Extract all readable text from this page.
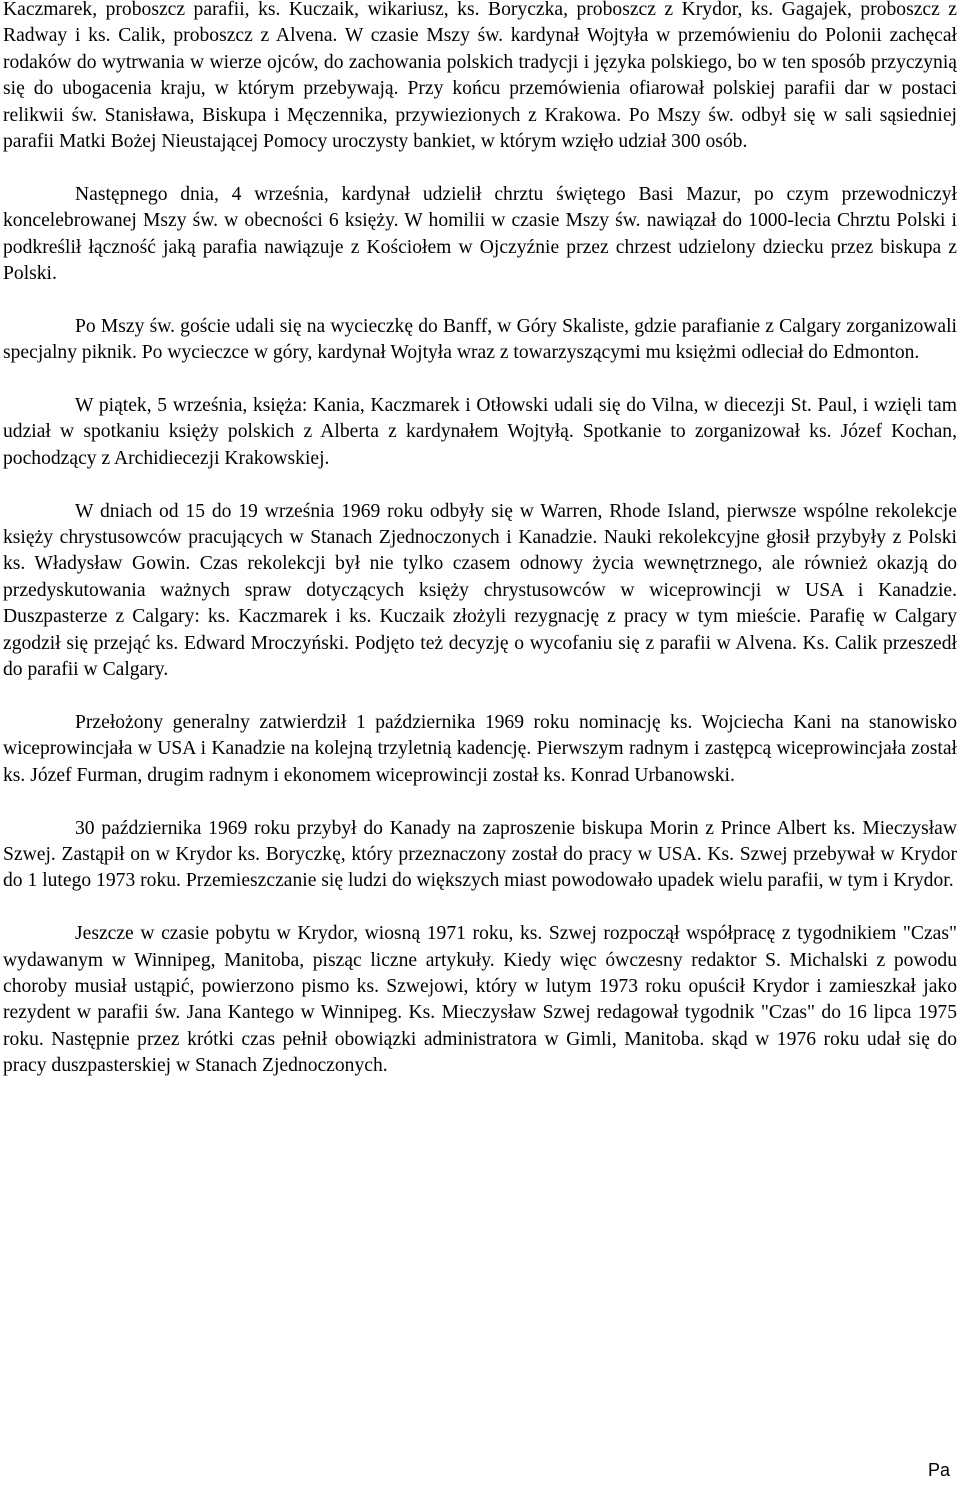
Kaczmarek, proboszcz parafii, ks. Kuczaik, wikariusz, ks. Boryczka, proboszcz z Krydor, ks. Gagajek, proboszcz z Radway i ks. Calik, proboszcz z Alvena. W czasie Mszy św. kardynał Wojtyła w przemówieniu do Polonii zachęcał rodaków do wytrwania w wierze ojców, do zachowania polskich tradycji i języka polskiego, bo w ten sposób przyczynią się do ubogacenia kraju, w którym przebywają. Przy końcu przemówienia ofiarował polskiej parafii dar w postaci relikwii św. Stanisława, Biskupa i Męczennika, przywiezionych z Krakowa. Po Mszy św. odbył się w sali sąsiedniej parafii Matki Bożej Nieustającej Pomocy uroczysty bankiet, w którym wzięło udział 300 osób.

Następnego dnia, 4 września, kardynał udzielił chrztu świętego Basi Mazur, po czym przewodniczył koncelebrowanej Mszy św. w obecności 6 księży. W homilii w czasie Mszy św. nawiązał do 1000-lecia Chrztu Polski i podkreślił łączność jaką parafia nawiązuje z Kościołem w Ojczyźnie przez chrzest udzielony dziecku przez biskupa z Polski.

Po Mszy św. goście udali się na wycieczkę do Banff, w Góry Skaliste, gdzie parafianie z Calgary zorganizowali specjalny piknik. Po wycieczce w góry, kardynał Wojtyła wraz z towarzyszącymi mu księżmi odleciał do Edmonton.

W piątek, 5 września, księża: Kania, Kaczmarek i Otłowski udali się do Vilna, w diecezji St. Paul, i wzięli tam udział w spotkaniu księży polskich z Alberta z kardynałem Wojtyłą. Spotkanie to zorganizował ks. Józef Kochan, pochodzący z Archidiecezji Krakowskiej.

W dniach od 15 do 19 września 1969 roku odbyły się w Warren, Rhode Island, pierwsze wspólne rekolekcje księży chrystusowców pracujących w Stanach Zjednoczonych i Kanadzie. Nauki rekolekcyjne głosił przybyły z Polski ks. Władysław Gowin. Czas rekolekcji był nie tylko czasem odnowy życia wewnętrznego, ale również okazją do przedyskutowania ważnych spraw dotyczących księży chrystusowców w wiceprowincji w USA i Kanadzie. Duszpasterze z Calgary: ks. Kaczmarek i ks. Kuczaik złożyli rezygnację z pracy w tym mieście. Parafię w Calgary zgodził się przejąć ks. Edward Mroczyński. Podjęto też decyzję o wycofaniu się z parafii w Alvena. Ks. Calik przeszedł do parafii w Calgary.

Przełożony generalny zatwierdził 1 października 1969 roku nominację ks. Wojciecha Kani na stanowisko wiceprowincjała w USA i Kanadzie na kolejną trzyletnią kadencję. Pierwszym radnym i zastępcą wiceprowincjała został ks. Józef Furman, drugim radnym i ekonomem wiceprowincji został ks. Konrad Urbanowski.

30 października 1969 roku przybył do Kanady na zaproszenie biskupa Morin z Prince Albert ks. Mieczysław Szwej. Zastąpił on w Krydor ks. Boryczkę, który przeznaczony został do pracy w USA. Ks. Szwej przebywał w Krydor do 1 lutego 1973 roku. Przemieszczanie się ludzi do większych miast powodowało upadek wielu parafii, w tym i Krydor.

Jeszcze w czasie pobytu w Krydor, wiosną 1971 roku, ks. Szwej rozpoczął współpracę z tygodnikiem "Czas" wydawanym w Winnipeg, Manitoba, pisząc liczne artykuły. Kiedy więc ówczesny redaktor S. Michalski z powodu choroby musiał ustąpić, powierzono pismo ks. Szwejowi, który w lutym 1973 roku opuścił Krydor i zamieszkał jako rezydent w parafii św. Jana Kantego w Winnipeg. Ks. Mieczysław Szwej redagował tygodnik "Czas" do 16 lipca 1975 roku. Następnie przez krótki czas pełnił obowiązki administratora w Gimli, Manitoba. skąd w 1976 roku udał się do pracy duszpasterskiej w Stanach Zjednoczonych.

Pa
